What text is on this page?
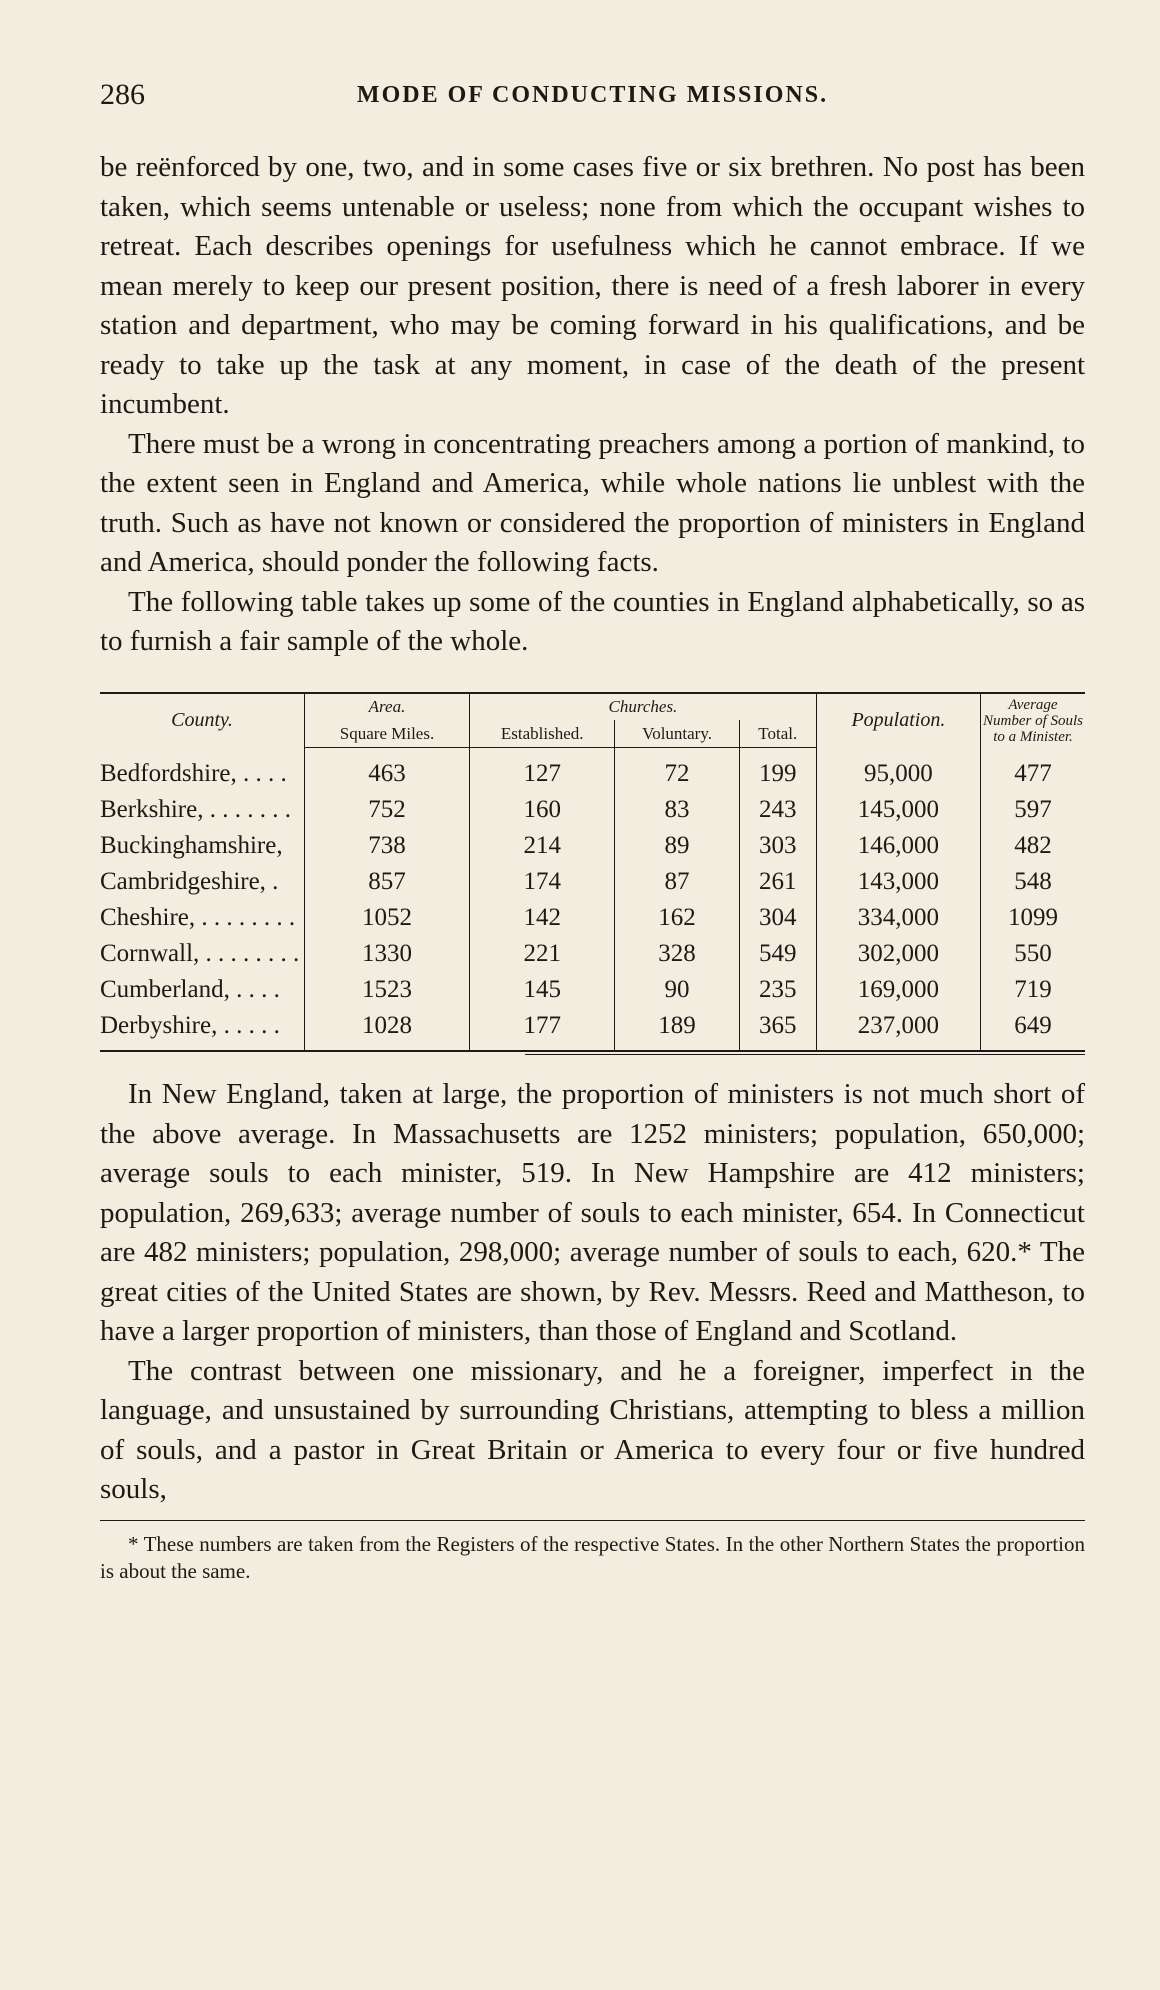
286	MODE OF CONDUCTING MISSIONS.

be reënforced by one, two, and in some cases five or six brethren. No post has been taken, which seems untenable or useless; none from which the occupant wishes to retreat. Each describes openings for usefulness which he cannot embrace. If we mean merely to keep our present position, there is need of a fresh laborer in every station and department, who may be coming forward in his qualifications, and be ready to take up the task at any moment, in case of the death of the present incumbent.

There must be a wrong in concentrating preachers among a portion of mankind, to the extent seen in England and America, while whole nations lie unblest with the truth. Such as have not known or considered the proportion of ministers in England and America, should ponder the following facts.

The following table takes up some of the counties in England alphabetically, so as to furnish a fair sample of the whole.

County.	Area.	Churches.			Population.	Average Number of Souls to a Minister.
	Square Miles.	Established.	Voluntary.	Total.		
Bedfordshire, . . . .	463	127	72	199	95,000	477
Berkshire, . . . . . . .	752	160	83	243	145,000	597
Buckinghamshire,	738	214	89	303	146,000	482
Cambridgeshire, .	857	174	87	261	143,000	548
Cheshire, . . . . . . . .	1052	142	162	304	334,000	1099
Cornwall, . . . . . . . .	1330	221	328	549	302,000	550
Cumberland, . . . .	1523	145	90	235	169,000	719
Derbyshire, . . . . .	1028	177	189	365	237,000	649

In New England, taken at large, the proportion of ministers is not much short of the above average. In Massachusetts are 1252 ministers; population, 650,000; average souls to each minister, 519. In New Hampshire are 412 ministers; population, 269,633; average number of souls to each minister, 654. In Connecticut are 482 ministers; population, 298,000; average number of souls to each, 620.* The great cities of the United States are shown, by Rev. Messrs. Reed and Mattheson, to have a larger proportion of ministers, than those of England and Scotland.

The contrast between one missionary, and he a foreigner, imperfect in the language, and unsustained by surrounding Christians, attempting to bless a million of souls, and a pastor in Great Britain or America to every four or five hundred souls,

* These numbers are taken from the Registers of the respective States. In the other Northern States the proportion is about the same.
